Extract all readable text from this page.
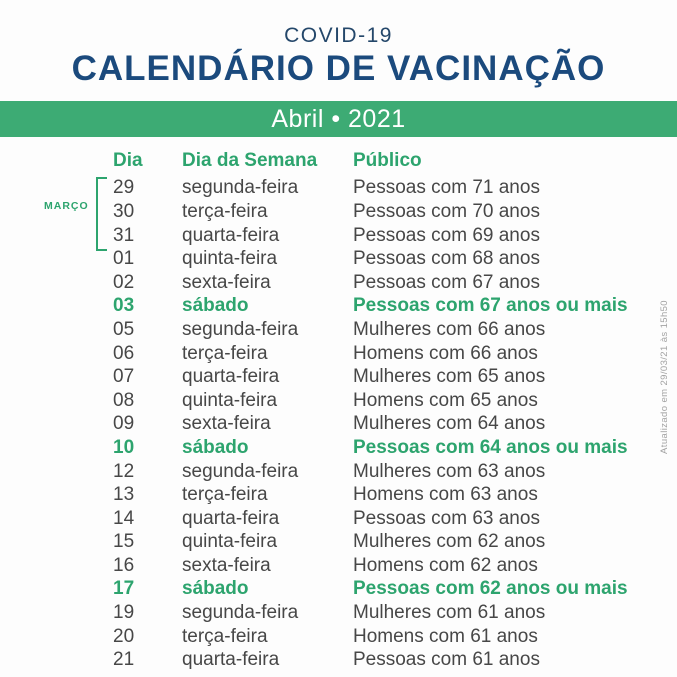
COVID-19
CALENDÁRIO DE VACINAÇÃO
Abril • 2021
Dia	Dia da Semana	Público
29	segunda-feira	Pessoas com 71 anos
30	terça-feira	Pessoas com 70 anos
31	quarta-feira	Pessoas com 69 anos
01	quinta-feira	Pessoas com 68 anos
02	sexta-feira	Pessoas com 67 anos
03	sábado	Pessoas com 67 anos ou mais
05	segunda-feira	Mulheres com 66 anos
06	terça-feira	Homens com 66 anos
07	quarta-feira	Mulheres com 65 anos
08	quinta-feira	Homens com 65 anos
09	sexta-feira	Mulheres com 64 anos
10	sábado	Pessoas com 64 anos ou mais
12	segunda-feira	Mulheres com 63 anos
13	terça-feira	Homens com 63 anos
14	quarta-feira	Pessoas com 63 anos
15	quinta-feira	Mulheres com 62 anos
16	sexta-feira	Homens com 62 anos
17	sábado	Pessoas com 62 anos ou mais
19	segunda-feira	Mulheres com 61 anos
20	terça-feira	Homens com 61 anos
21	quarta-feira	Pessoas com 61 anos
MARÇO
Atualizado em 29/03/21 às 15h50
